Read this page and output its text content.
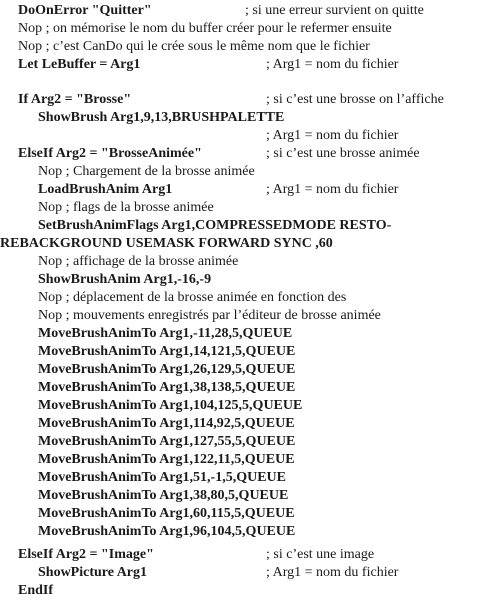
DoOnError "Quitter"	; si une erreur survient on quitte
Nop ; on mémorise le nom du buffer créer pour le refermer ensuite
Nop ; c’est CanDo qui le crée sous le même nom que le fichier
Let LeBuffer = Arg1	; Arg1 = nom du fichier
If Arg2 = "Brosse"	; si c’est une brosse on l’affiche
ShowBrush Arg1,9,13,BRUSHPALETTE
; Arg1 = nom du fichier
ElseIf Arg2 = "BrosseAnimée"	; si c’est une brosse animée
Nop ; Chargement de la brosse animée
LoadBrushAnim Arg1	; Arg1 = nom du fichier
Nop ; flags de la brosse animée
SetBrushAnimFlags Arg1,COMPRESSEDMODE RESTO-
REBACKGROUND USEMASK FORWARD SYNC ,60
Nop ; affichage de la brosse animée
ShowBrushAnim Arg1,-16,-9
Nop ; déplacement de la brosse animée en fonction des
Nop ; mouvements enregistrés par l’éditeur de brosse animée
MoveBrushAnimTo Arg1,-11,28,5,QUEUE
MoveBrushAnimTo Arg1,14,121,5,QUEUE
MoveBrushAnimTo Arg1,26,129,5,QUEUE
MoveBrushAnimTo Arg1,38,138,5,QUEUE
MoveBrushAnimTo Arg1,104,125,5,QUEUE
MoveBrushAnimTo Arg1,114,92,5,QUEUE
MoveBrushAnimTo Arg1,127,55,5,QUEUE
MoveBrushAnimTo Arg1,122,11,5,QUEUE
MoveBrushAnimTo Arg1,51,-1,5,QUEUE
MoveBrushAnimTo Arg1,38,80,5,QUEUE
MoveBrushAnimTo Arg1,60,115,5,QUEUE
MoveBrushAnimTo Arg1,96,104,5,QUEUE
ElseIf Arg2 = "Image"	; si c’est une image
ShowPicture Arg1	; Arg1 = nom du fichier
EndIf
